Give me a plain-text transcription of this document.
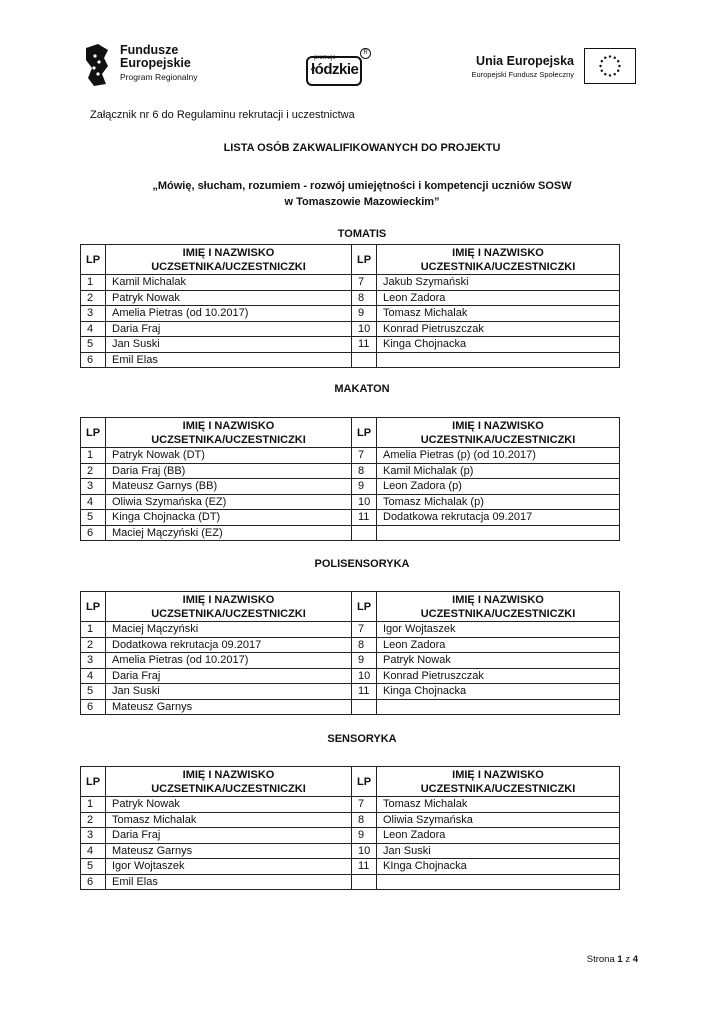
Fundusze
Europejskie
Program Regionalny
promuje
łódzkie
R
Unia Europejska
Europejski Fundusz Społeczny
Załącznik nr 6 do Regulaminu rekrutacji i uczestnictwa
LISTA OSÓB ZAKWALIFIKOWANYCH DO PROJEKTU
„Mówię, słucham, rozumiem - rozwój umiejętności i kompetencji uczniów SOSW
w Tomaszowie Mazowieckim”
TOMATIS
LP	IMIĘ I NAZWISKO UCZSETNIKA/UCZESTNICZKI	LP	IMIĘ I NAZWISKO
UCZESTNIKA/UCZESTNICZKI
1	Kamil Michalak	7	Jakub Szymański
2	Patryk Nowak	8	Leon Zadora
3	Amelia Pietras (od 10.2017)	9	Tomasz Michalak
4	Daria Fraj	10	Konrad Pietruszczak
5	Jan Suski	11	Kinga Chojnacka
6	Emil Elas		
MAKATON
LP	IMIĘ I NAZWISKO UCZSETNIKA/UCZESTNICZKI	LP	IMIĘ I NAZWISKO
UCZESTNIKA/UCZESTNICZKI
1	Patryk Nowak (DT)	7	Amelia Pietras (p) (od 10.2017)
2	Daria Fraj (BB)	8	Kamil Michalak (p)
3	Mateusz Garnys (BB)	9	Leon Zadora (p)
4	Oliwia Szymańska (EZ)	10	Tomasz Michalak (p)
5	Kinga Chojnacka (DT)	11	Dodatkowa rekrutacja 09.2017
6	Maciej Mączyński (EZ)		
POLISENSORYKA
LP	IMIĘ I NAZWISKO UCZSETNIKA/UCZESTNICZKI	LP	IMIĘ I NAZWISKO
UCZESTNIKA/UCZESTNICZKI
1	Maciej Mączyński	7	Igor Wojtaszek
2	Dodatkowa rekrutacja 09.2017	8	Leon Zadora
3	Amelia Pietras (od 10.2017)	9	Patryk Nowak
4	Daria Fraj	10	Konrad Pietruszczak
5	Jan Suski	11	Kinga Chojnacka
6	Mateusz Garnys		
SENSORYKA
LP	IMIĘ I NAZWISKO UCZSETNIKA/UCZESTNICZKI	LP	IMIĘ I NAZWISKO
UCZESTNIKA/UCZESTNICZKI
1	Patryk Nowak	7	Tomasz Michalak
2	Tomasz Michalak	8	Oliwia Szymańska
3	Daria Fraj	9	Leon Zadora
4	Mateusz Garnys	10	Jan Suski
5	Igor Wojtaszek	11	KInga Chojnacka
6	Emil Elas		
Strona 1 z 4
